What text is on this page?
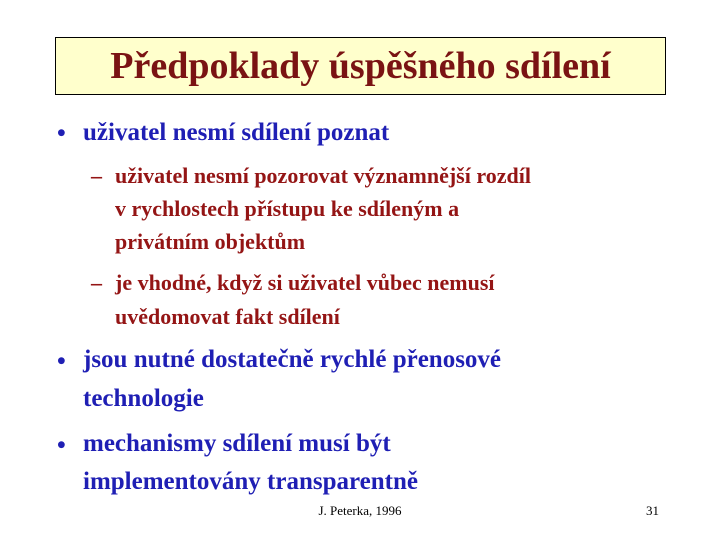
Předpoklady úspěšného sdílení
• uživatel nesmí sdílení poznat
– uživatel nesmí pozorovat významnější rozdíl
v rychlostech přístupu ke sdíleným a
privátním objektům
– je vhodné, když si uživatel vůbec nemusí
uvědomovat fakt sdílení
• jsou nutné dostatečně rychlé přenosové
technologie
• mechanismy sdílení musí být
implementovány transparentně
J. Peterka, 1996	31
